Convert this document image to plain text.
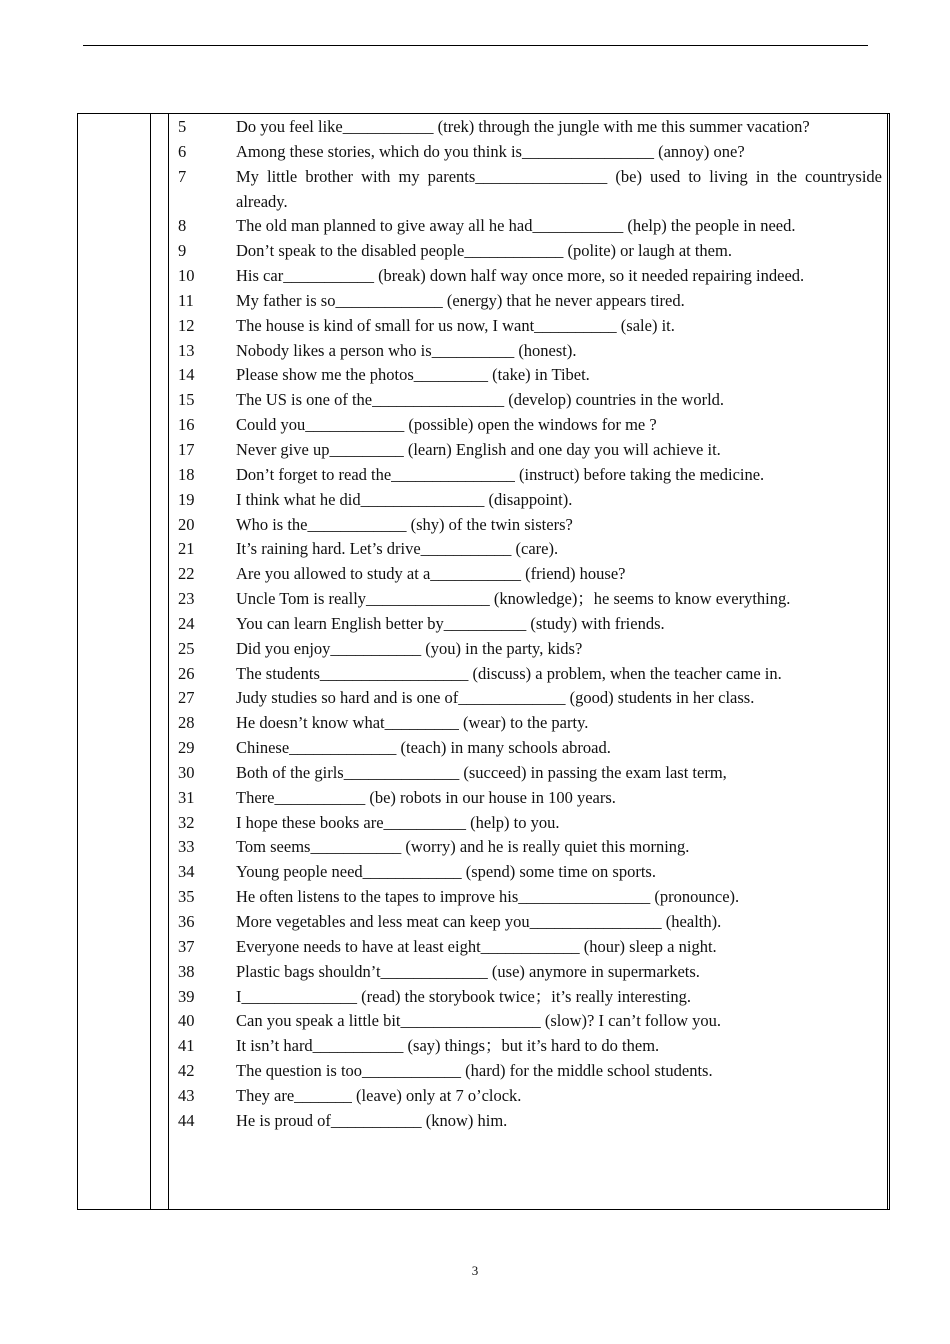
5	Do you feel like___________ (trek) through the jungle with me this summer vacation?
6	Among these stories, which do you think is________________ (annoy) one?
7	My little brother with my parents________________ (be) used to living in the countryside already.
8	The old man planned to give away all he had___________ (help) the people in need.
9	Don’t speak to the disabled people____________ (polite) or laugh at them.
10	His car___________ (break) down half way once more, so it needed repairing indeed.
11	My father is so_____________ (energy) that he never appears tired.
12	The house is kind of small for us now, I want__________ (sale) it.
13	Nobody likes a person who is__________ (honest).
14	Please show me the photos_________ (take) in Tibet.
15	The US is one of the________________ (develop) countries in the world.
16	Could you____________ (possible) open the windows for me ?
17	Never give up_________ (learn) English and one day you will achieve it.
18	Don’t forget to read the_______________ (instruct) before taking the medicine.
19	I think what he did_______________ (disappoint).
20	Who is the____________ (shy) of the twin sisters?
21	It’s raining hard. Let’s drive___________ (care).
22	Are you allowed to study at a___________ (friend) house?
23	Uncle Tom is really_______________ (knowledge)；he seems to know everything.
24	You can learn English better by__________ (study) with friends.
25	Did you enjoy___________ (you) in the party, kids?
26	The students__________________ (discuss) a problem, when the teacher came in.
27	Judy studies so hard and is one of_____________ (good) students in her class.
28	He doesn’t know what_________ (wear) to the party.
29	Chinese_____________ (teach) in many schools abroad.
30	Both of the girls______________ (succeed) in passing the exam last term,
31	There___________ (be) robots in our house in 100 years.
32	I hope these books are__________ (help) to you.
33	Tom seems___________ (worry) and he is really quiet this morning.
34	Young people need____________ (spend) some time on sports.
35	He often listens to the tapes to improve his________________ (pronounce).
36	More vegetables and less meat can keep you________________ (health).
37	Everyone needs to have at least eight____________ (hour) sleep a night.
38	Plastic bags shouldn’t_____________ (use) anymore in supermarkets.
39	I______________ (read) the storybook twice；it’s really interesting.
40	Can you speak a little bit_________________ (slow)? I can’t follow you.
41	It isn’t hard___________ (say) things；but it’s hard to do them.
42	The question is too____________ (hard) for the middle school students.
43	They are_______ (leave) only at 7 o’clock.
44	He is proud of___________ (know) him.
3
